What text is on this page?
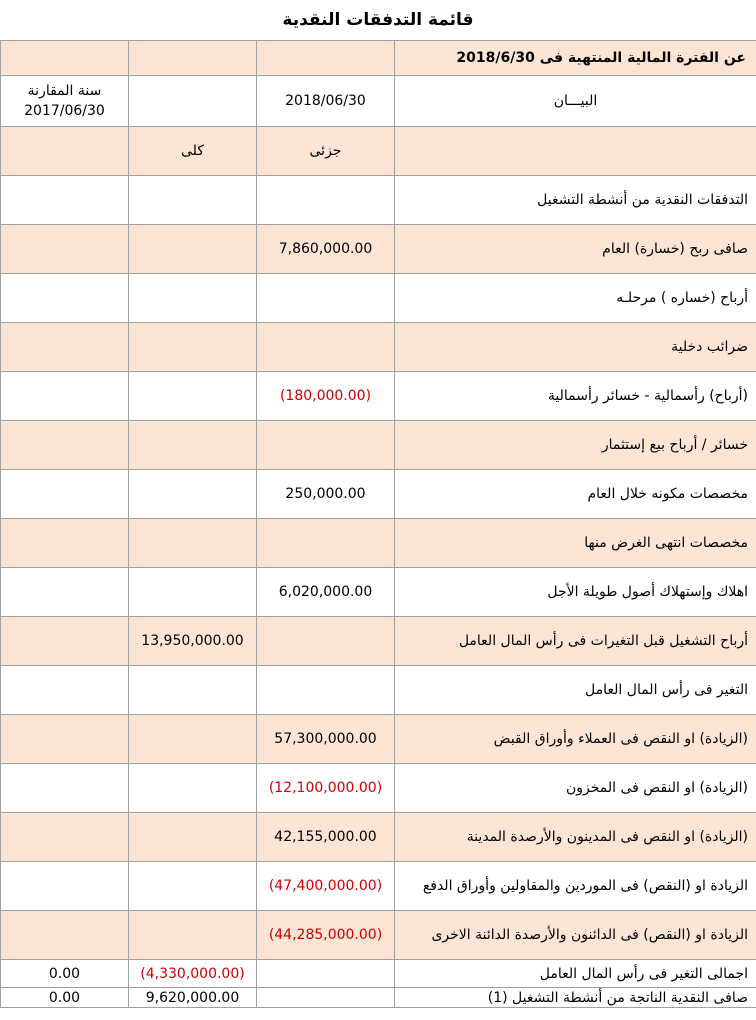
قائمة التدفقات النقدية
			عن الفترة المالية المنتهية فى 2018/6/30

سنة المقارنة
2017/06/30		2018/06/30	البيـــان
	كلى	جزئى	
			التدفقات النقدية من أنشطة التشغيل
		7,860,000.00	صافى ربح (خسارة) العام
			أرباح (خساره ) مرحلـه
			ضرائب دخلية
		(180,000.00)	(أرباح) رأسمالية - خسائر رأسمالية
			خسائر / أرباح بيع إستثمار
		250,000.00	مخصصات مكونه خلال العام
			مخصصات انتهى الغرض منها
		6,020,000.00	اهلاك وإستهلاك أصول طويلة الأجل
	13,950,000.00		أرباح التشغيل قبل التغيرات فى رأس المال العامل
			التغير فى رأس المال العامل
		57,300,000.00	(الزيادة) او النقص فى العملاء وأوراق القبض
		(12,100,000.00)	(الزيادة) او النقص فى المخزون
		42,155,000.00	(الزيادة) او النقص فى المدينون والأرصدة المدينة
		(47,400,000.00)	الزيادة او (النقص) فى الموردين والمقاولين وأوراق الدفع
		(44,285,000.00)	الزيادة او (النقص) فى الدائنون والأرصدة الدائنة الاخرى
0.00	(4,330,000.00)		اجمالى التغير فى رأس المال العامل
0.00	9,620,000.00		صافى النقدية الناتجة من أنشطة التشغيل (1)
